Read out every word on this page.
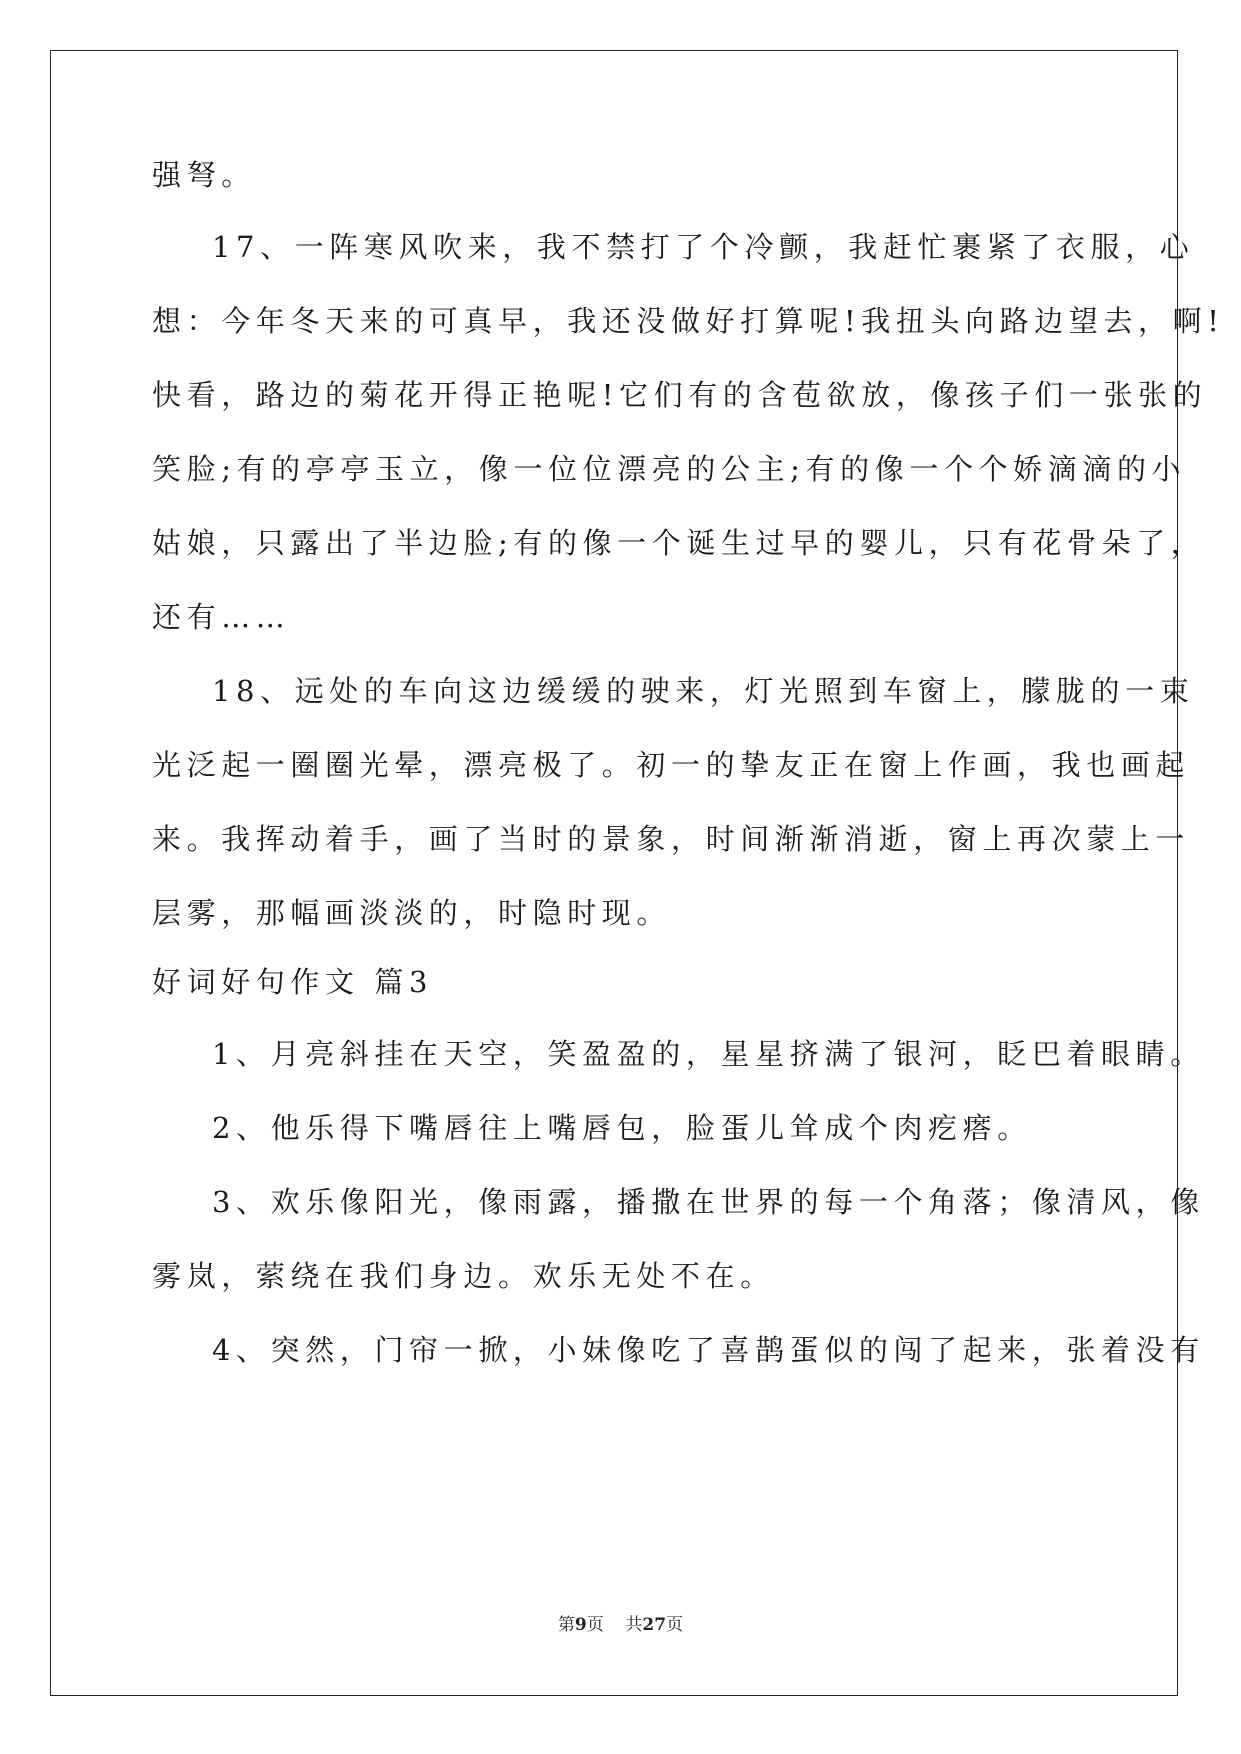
强弩。

17、一阵寒风吹来，我不禁打了个冷颤，我赶忙裹紧了衣服，心

想：今年冬天来的可真早，我还没做好打算呢!我扭头向路边望去，啊!

快看，路边的菊花开得正艳呢!它们有的含苞欲放，像孩子们一张张的

笑脸;有的亭亭玉立，像一位位漂亮的公主;有的像一个个娇滴滴的小

姑娘，只露出了半边脸;有的像一个诞生过早的婴儿，只有花骨朵了，

还有……

18、远处的车向这边缓缓的驶来，灯光照到车窗上，朦胧的一束

光泛起一圈圈光晕，漂亮极了。初一的挚友正在窗上作画，我也画起

来。我挥动着手，画了当时的景象，时间渐渐消逝，窗上再次蒙上一

层雾，那幅画淡淡的，时隐时现。

好词好句作文 篇3

1、月亮斜挂在天空，笑盈盈的，星星挤满了银河，眨巴着眼睛。

2、他乐得下嘴唇往上嘴唇包，脸蛋儿耸成个肉疙瘩。

3、欢乐像阳光，像雨露，播撒在世界的每一个角落；像清风，像

雾岚，萦绕在我们身边。欢乐无处不在。

4、突然，门帘一掀，小妹像吃了喜鹊蛋似的闯了起来，张着没有

第9页    共27页
